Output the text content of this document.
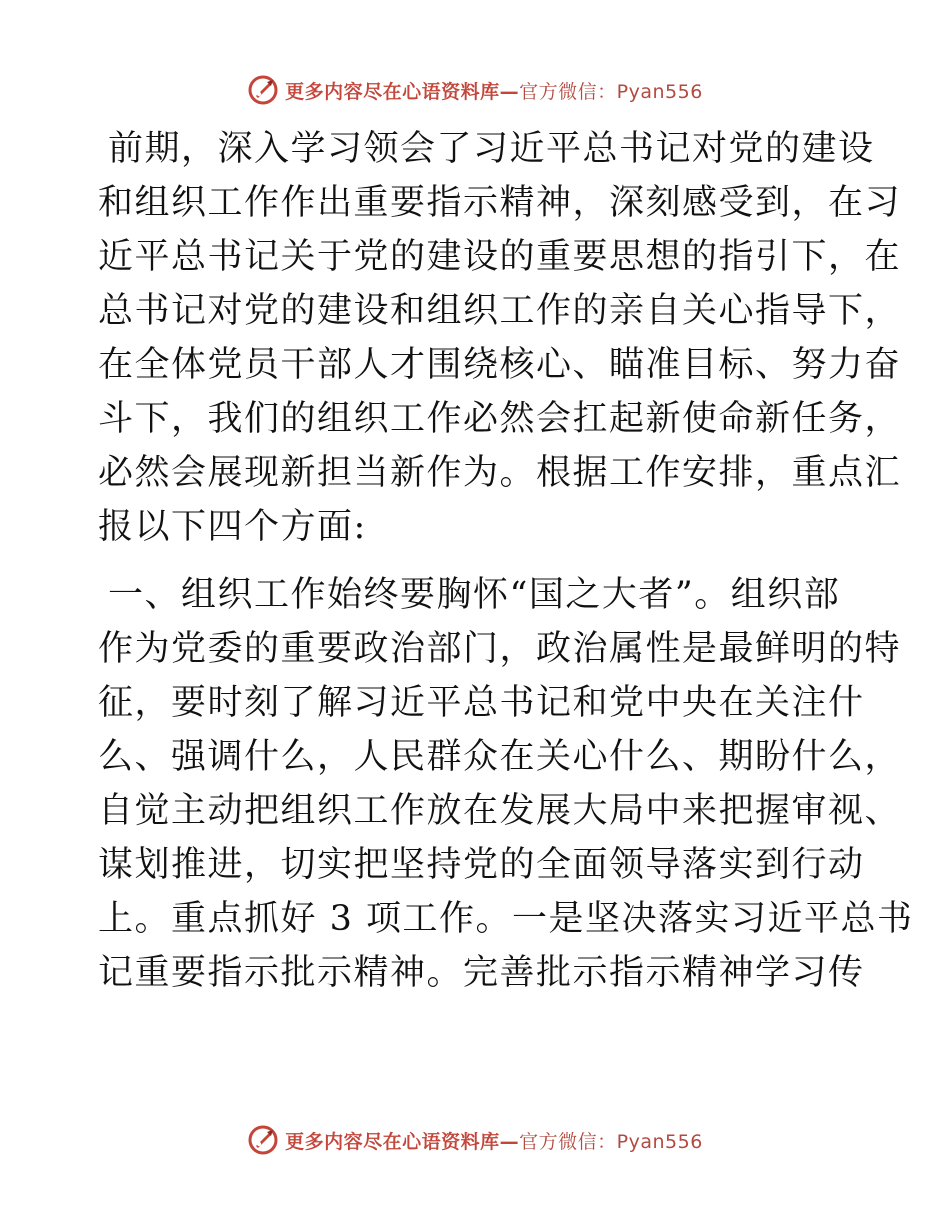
更多内容尽在心语资料库—官方微信：Pyan556
前期，深入学习领会了习近平总书记对党的建设
和组织工作作出重要指示精神，深刻感受到，在习
近平总书记关于党的建设的重要思想的指引下，在
总书记对党的建设和组织工作的亲自关心指导下，
在全体党员干部人才围绕核心、瞄准目标、努力奋
斗下，我们的组织工作必然会扛起新使命新任务，
必然会展现新担当新作为。根据工作安排，重点汇
报以下四个方面:
一、组织工作始终要胸怀“国之大者”。组织部
作为党委的重要政治部门，政治属性是最鲜明的特
征，要时刻了解习近平总书记和党中央在关注什
么、强调什么，人民群众在关心什么、期盼什么，
自觉主动把组织工作放在发展大局中来把握审视、
谋划推进，切实把坚持党的全面领导落实到行动
上。重点抓好 3 项工作。一是坚决落实习近平总书
记重要指示批示精神。完善批示指示精神学习传
更多内容尽在心语资料库—官方微信：Pyan556
